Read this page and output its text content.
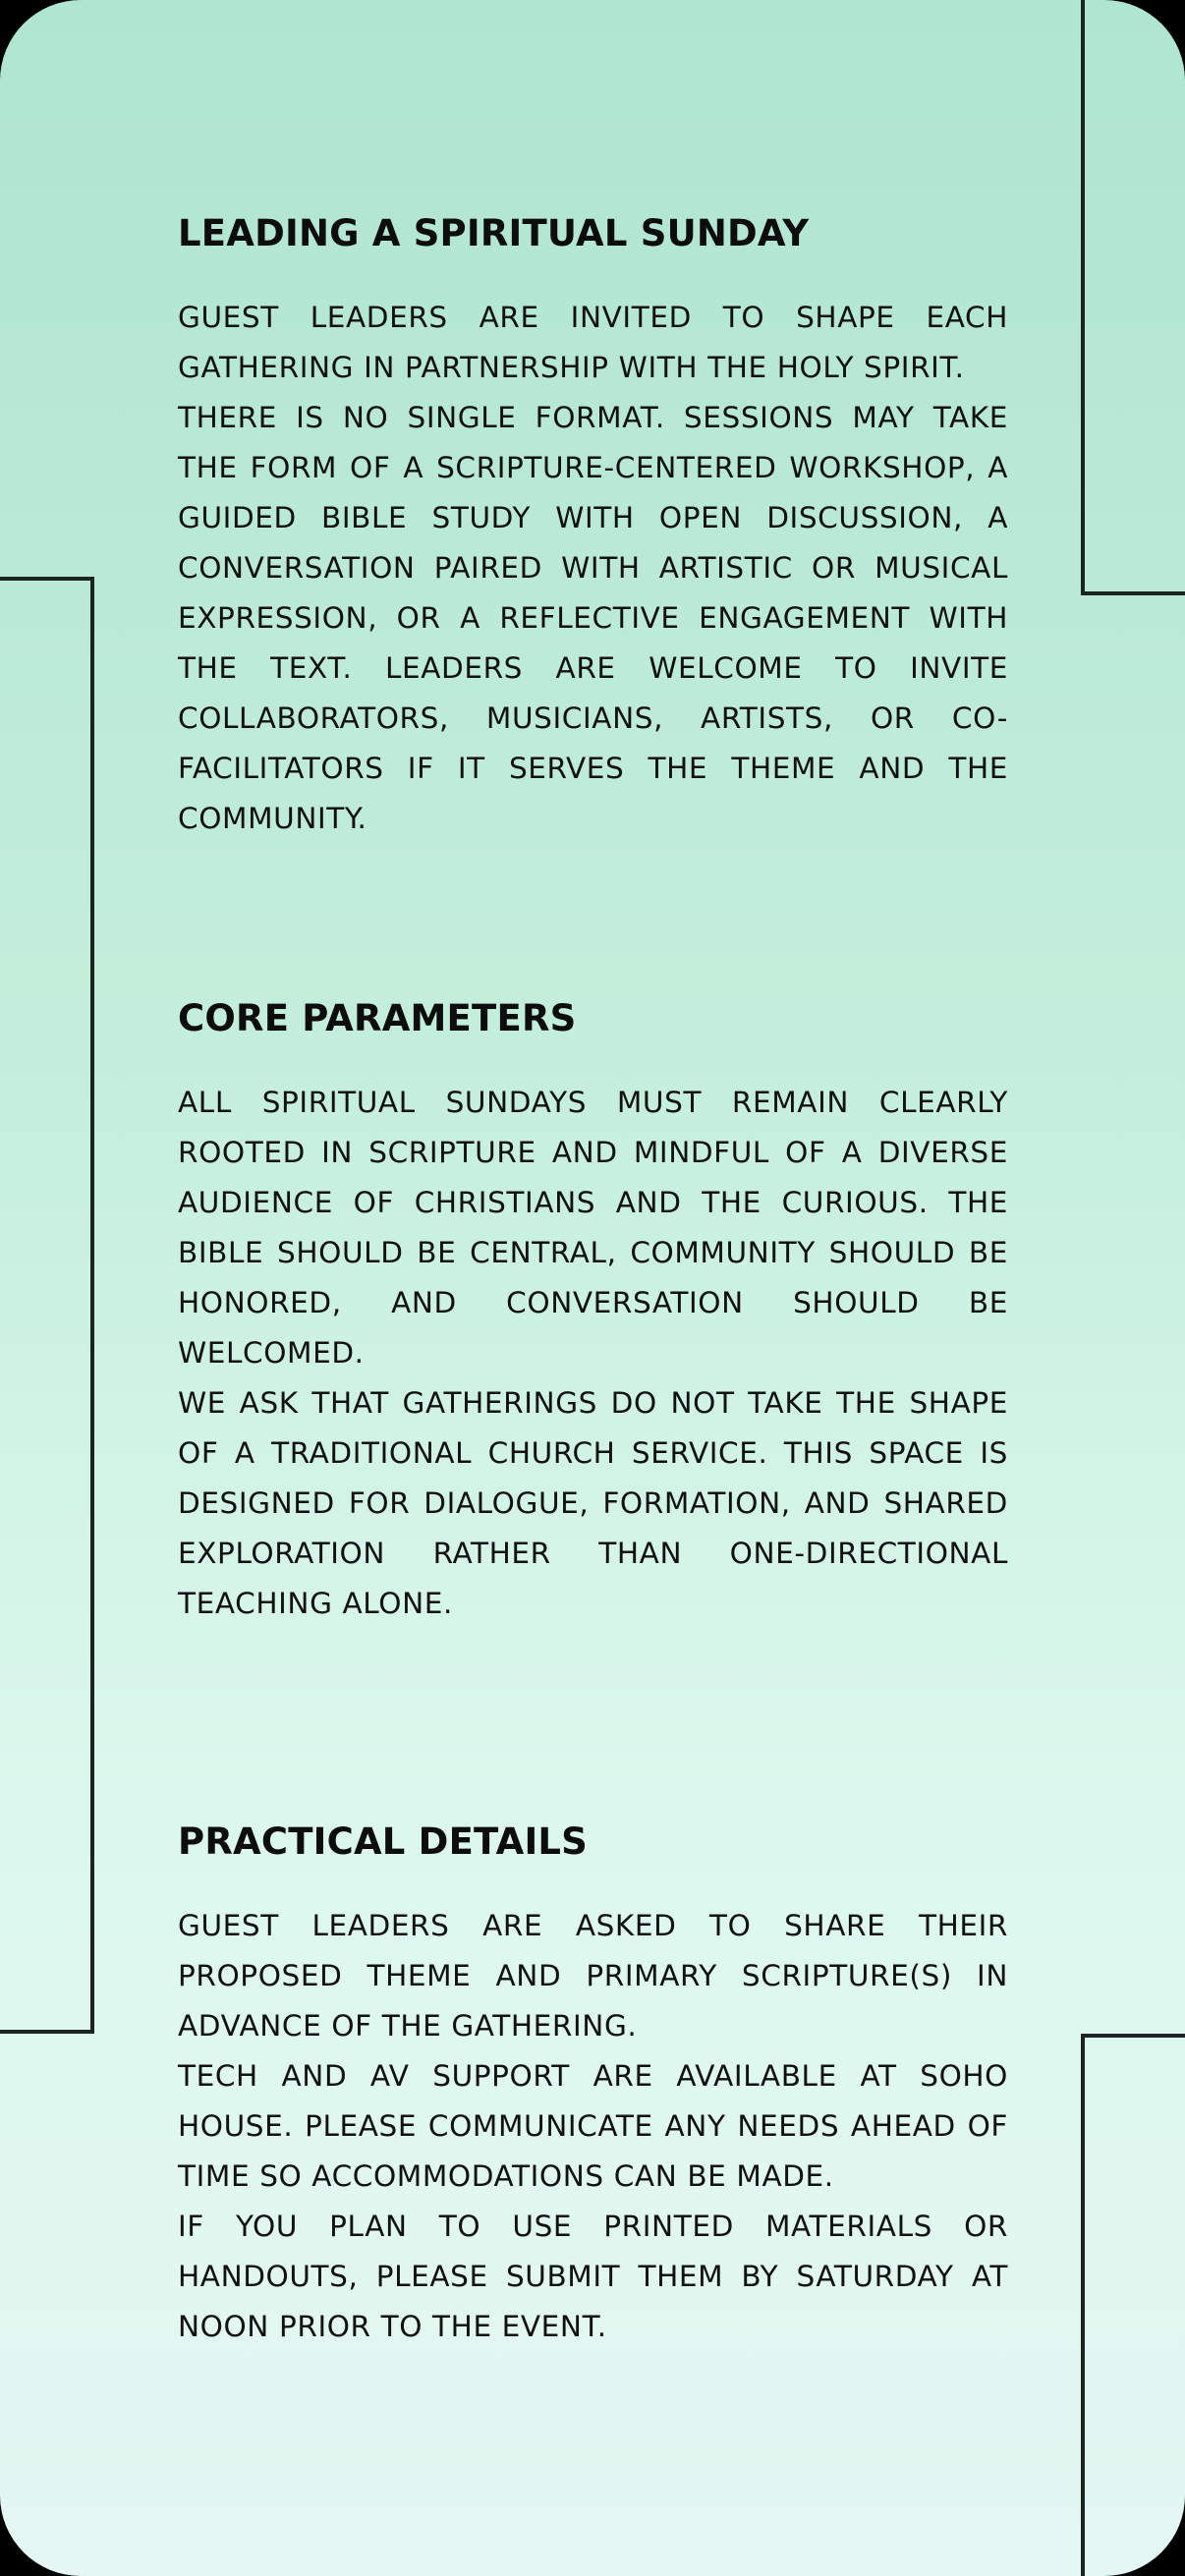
LEADING A SPIRITUAL SUNDAY

GUEST LEADERS ARE INVITED TO SHAPE EACH GATHERING IN PARTNERSHIP WITH THE HOLY SPIRIT.

THERE IS NO SINGLE FORMAT. SESSIONS MAY TAKE THE FORM OF A SCRIPTURE-CENTERED WORKSHOP, A GUIDED BIBLE STUDY WITH OPEN DISCUSSION, A CONVERSATION PAIRED WITH ARTISTIC OR MUSICAL EXPRESSION, OR A REFLECTIVE ENGAGEMENT WITH THE TEXT. LEADERS ARE WELCOME TO INVITE COLLABORATORS, MUSICIANS, ARTISTS, OR CO-FACILITATORS IF IT SERVES THE THEME AND THE COMMUNITY.

CORE PARAMETERS

ALL SPIRITUAL SUNDAYS MUST REMAIN CLEARLY ROOTED IN SCRIPTURE AND MINDFUL OF A DIVERSE AUDIENCE OF CHRISTIANS AND THE CURIOUS. THE BIBLE SHOULD BE CENTRAL, COMMUNITY SHOULD BE HONORED, AND CONVERSATION SHOULD BE WELCOMED.

WE ASK THAT GATHERINGS DO NOT TAKE THE SHAPE OF A TRADITIONAL CHURCH SERVICE. THIS SPACE IS DESIGNED FOR DIALOGUE, FORMATION, AND SHARED EXPLORATION RATHER THAN ONE-DIRECTIONAL TEACHING ALONE.

PRACTICAL DETAILS

GUEST LEADERS ARE ASKED TO SHARE THEIR PROPOSED THEME AND PRIMARY SCRIPTURE(S) IN ADVANCE OF THE GATHERING.

TECH AND AV SUPPORT ARE AVAILABLE AT SOHO HOUSE. PLEASE COMMUNICATE ANY NEEDS AHEAD OF TIME SO ACCOMMODATIONS CAN BE MADE.

IF YOU PLAN TO USE PRINTED MATERIALS OR HANDOUTS, PLEASE SUBMIT THEM BY SATURDAY AT NOON PRIOR TO THE EVENT.
